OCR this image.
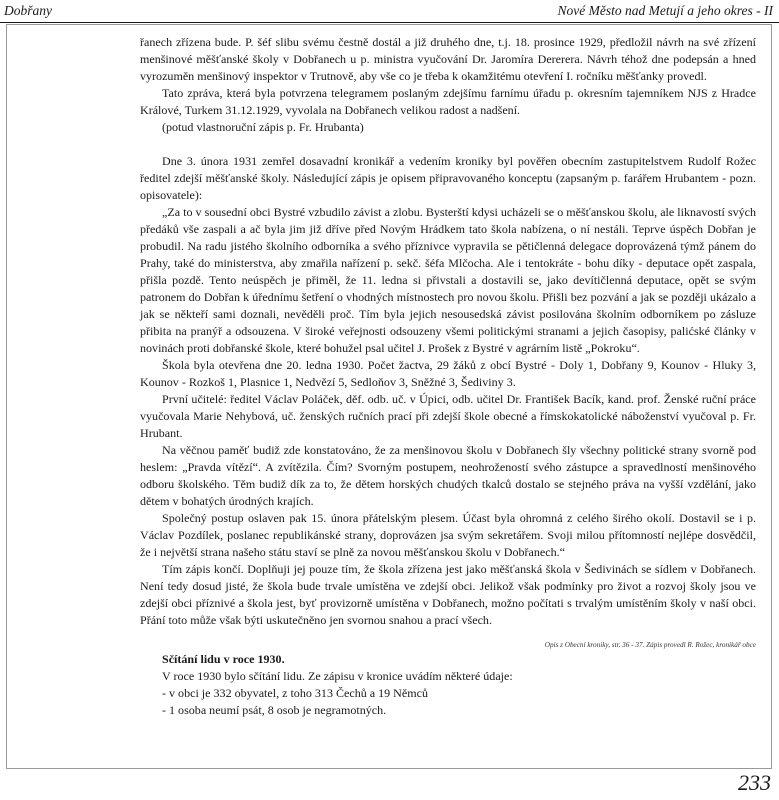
Dobřany	Nové Město nad Metují a jeho okres - II

řanech zřízena bude. P. šéf slibu svému čestně dostál a již druhého dne, t.j. 18. prosince 1929, předložil návrh na své zřízení menšinové měšťanské školy v Dobřanech u p. ministra vyučování Dr. Jaromíra Dererera. Návrh téhož dne podepsán a hned vyrozuměn menšinový inspektor v Trutnově, aby vše co je třeba k okamžitému otevření I. ročníku měšťanky provedl.

Tato zpráva, která byla potvrzena telegramem poslaným zdejšímu farnímu úřadu p. okresním tajemníkem NJS z Hradce Králové, Turkem 31.12.1929, vyvolala na Dobřanech velikou radost a nadšení.

(potud vlastnoruční zápis p. Fr. Hrubanta)

Dne 3. února 1931 zemřel dosavadní kronikář a vedením kroniky byl pověřen obecním zastupitelstvem Rudolf Rožec ředitel zdejší měšťanské školy. Následující zápis je opisem připravovaného konceptu (zapsaným p. farářem Hrubantem - pozn. opisovatele):

„Za to v sousední obci Bystré vzbudilo závist a zlobu. Bysterští kdysi ucházeli se o měšťanskou školu, ale liknavostí svých předáků vše zaspali a ač byla jim již dříve před Novým Hrádkem tato škola nabízena, o ní nestáli. Teprve úspěch Dobřan je probudil. Na radu jistého školního odborníka a svého příznivce vypravila se pětičlenná delegace doprovázená týmž pánem do Prahy, také do ministerstva, aby zmařila nařízení p. sekč. šéfa Mlčocha. Ale i tentokráte - bohu díky - deputace opět zaspala, přišla pozdě. Tento neúspěch je přiměl, že 11. ledna si přivstali a dostavili se, jako devítičlenná deputace, opět se svým patronem do Dobřan k úřednímu šetření o vhodných místnostech pro novou školu. Přišli bez pozvání a jak se později ukázalo a jak se někteří sami doznali, nevěděli proč. Tím byla jejich nesousedská závist posilována školním odborníkem po zásluze přibita na pranýř a odsouzena. V široké veřejnosti odsouzeny všemi politickými stranami a jejich časopisy, palićské články v novinách proti dobřanské škole, které bohužel psal učitel J. Prošek z Bystré v agrárním listě „Pokroku“.

Škola byla otevřena dne 20. ledna 1930. Počet žactva, 29 žáků z obcí Bystré - Doly 1, Dobřany 9, Kounov - Hluky 3, Kounov - Rozkoš 1, Plasnice 1, Nedvězí 5, Sedloňov 3, Sněžné 3, Šediviny 3.

První učitelé: ředitel Václav Poláček, děf. odb. uč. v Úpici, odb. učitel Dr. František Bacík, kand. prof. Ženské ruční práce vyučovala Marie Nehybová, uč. ženských ručních prací při zdejší škole obecné a římskokatolické náboženství vyučoval p. Fr. Hrubant.

Na věčnou paměť budiž zde konstatováno, že za menšinovou školu v Dobřanech šly všechny politické strany svorně pod heslem: „Pravda vítězí“. A zvítězila. Čím? Svorným postupem, neohrožeností svého zástupce a spravedlností menšinového odboru školského. Těm budiž dík za to, že dětem horských chudých tkalců dostalo se stejného práva na vyšší vzdělání, jako dětem v bohatých úrodných krajích.

Společný postup oslaven pak 15. února přátelským plesem. Účast byla ohromná z celého širého okolí. Dostavil se i p. Václav Pozdílek, poslanec republikánské strany, doprovázen jsa svým sekretářem. Svoji milou přítomností nejlépe dosvědčil, že i největší strana našeho státu staví se plně za novou měšťanskou školu v Dobřanech.“

Tím zápis končí. Doplňuji jej pouze tím, že škola zřízena jest jako měšťanská škola v Šedivinách se sídlem v Dobřanech. Není tedy dosud jisté, že škola bude trvale umístěna ve zdejší obci. Jelikož však podmínky pro život a rozvoj školy jsou ve zdejší obci příznivé a škola jest, byť provizorně umístěna v Dobřanech, možno počítati s trvalým umístěním školy v naší obci. Přání toto může však býti uskutečněno jen svornou snahou a prací všech.

Opis z Obecní kroniky, str. 36 - 37. Zápis provedl R. Rožec, kronikář obce

Sčítání lidu v roce 1930.

V roce 1930 bylo sčítání lidu. Ze zápisu v kronice uvádím některé údaje:

- v obci je 332 obyvatel, z toho 313 Čechů a 19 Němců

- 1 osoba neumí psát, 8 osob je negramotných.

233
